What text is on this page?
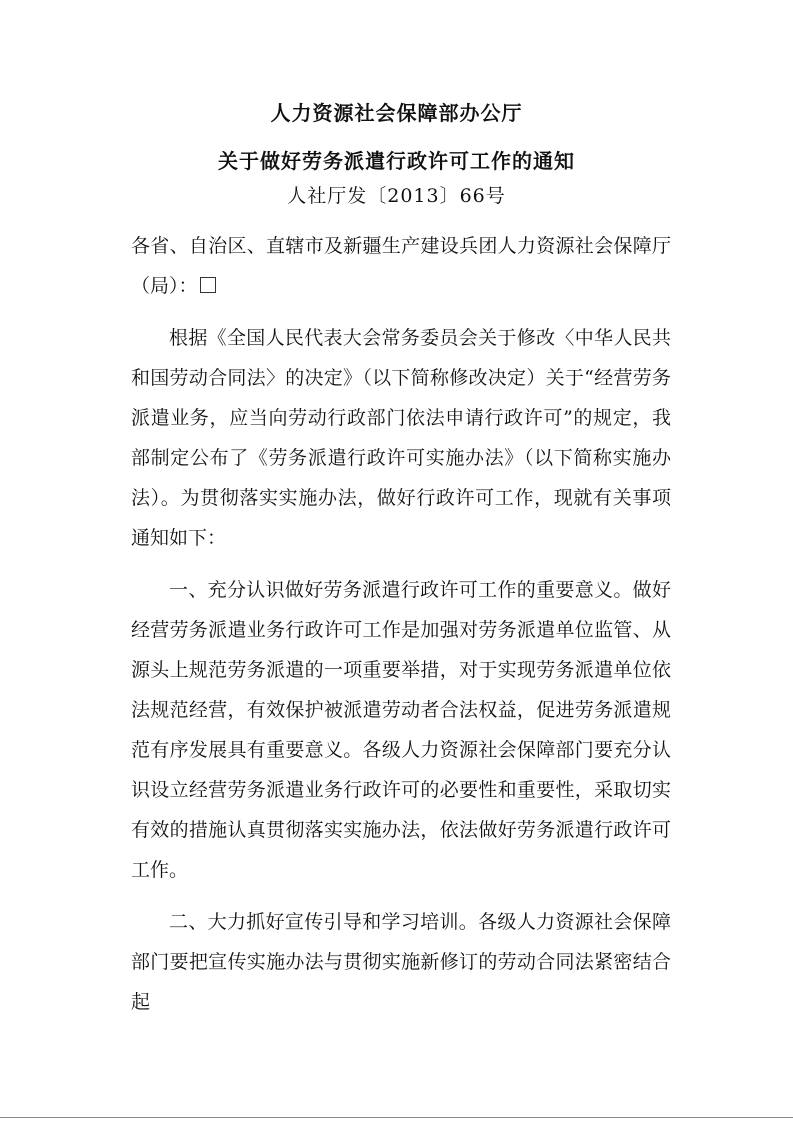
人力资源社会保障部办公厅
关于做好劳务派遣行政许可工作的通知
人社厅发〔2013〕66号

各省、自治区、直辖市及新疆生产建设兵团人力资源社会保障厅（局）：

根据《全国人民代表大会常务委员会关于修改〈中华人民共和国劳动合同法〉的决定》（以下简称修改决定）关于“经营劳务派遣业务，应当向劳动行政部门依法申请行政许可”的规定，我部制定公布了《劳务派遣行政许可实施办法》（以下简称实施办法）。为贯彻落实实施办法，做好行政许可工作，现就有关事项通知如下：

一、充分认识做好劳务派遣行政许可工作的重要意义。做好经营劳务派遣业务行政许可工作是加强对劳务派遣单位监管、从源头上规范劳务派遣的一项重要举措，对于实现劳务派遣单位依法规范经营，有效保护被派遣劳动者合法权益，促进劳务派遣规范有序发展具有重要意义。各级人力资源社会保障部门要充分认识设立经营劳务派遣业务行政许可的必要性和重要性，采取切实有效的措施认真贯彻落实实施办法，依法做好劳务派遣行政许可工作。

二、大力抓好宣传引导和学习培训。各级人力资源社会保障部门要把宣传实施办法与贯彻实施新修订的劳动合同法紧密结合起
